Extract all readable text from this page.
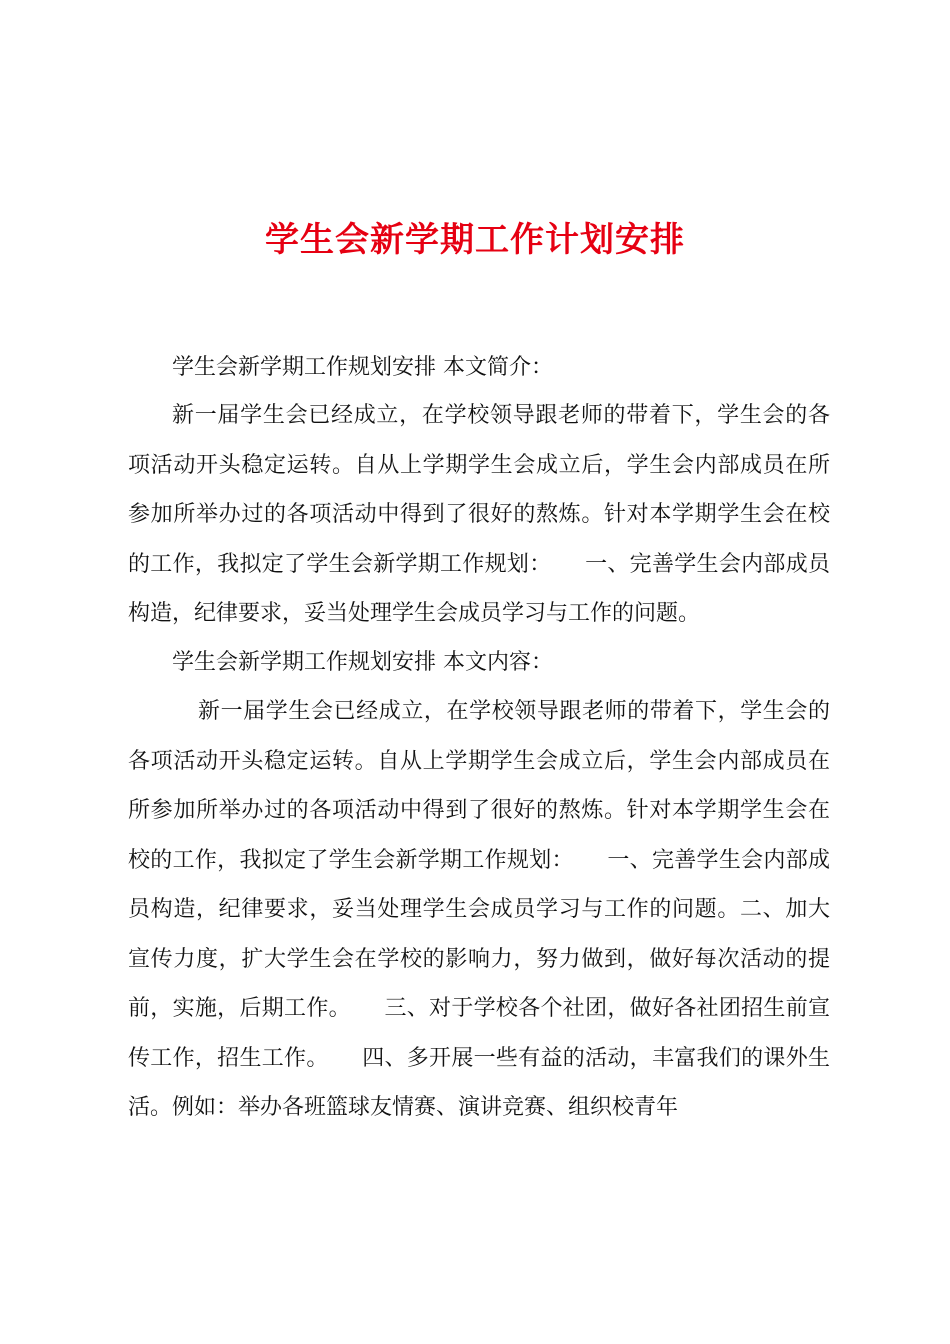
学生会新学期工作计划安排

学生会新学期工作规划安排 本文简介：

新一届学生会已经成立，在学校领导跟老师的带着下，学生会的各项活动开头稳定运转。自从上学期学生会成立后，学生会内部成员在所参加所举办过的各项活动中得到了很好的熬炼。针对本学期学生会在校的工作，我拟定了学生会新学期工作规划：　　一、完善学生会内部成员构造，纪律要求，妥当处理学生会成员学习与工作的问题。

学生会新学期工作规划安排 本文内容：

新一届学生会已经成立，在学校领导跟老师的带着下，学生会的各项活动开头稳定运转。自从上学期学生会成立后，学生会内部成员在所参加所举办过的各项活动中得到了很好的熬炼。针对本学期学生会在校的工作，我拟定了学生会新学期工作规划：　　一、完善学生会内部成员构造，纪律要求，妥当处理学生会成员学习与工作的问题。二、加大宣传力度，扩大学生会在学校的影响力，努力做到，做好每次活动的提前，实施，后期工作。　　三、对于学校各个社团，做好各社团招生前宣传工作，招生工作。　　四、多开展一些有益的活动，丰富我们的课外生活。例如：举办各班篮球友情赛、演讲竞赛、组织校青年
